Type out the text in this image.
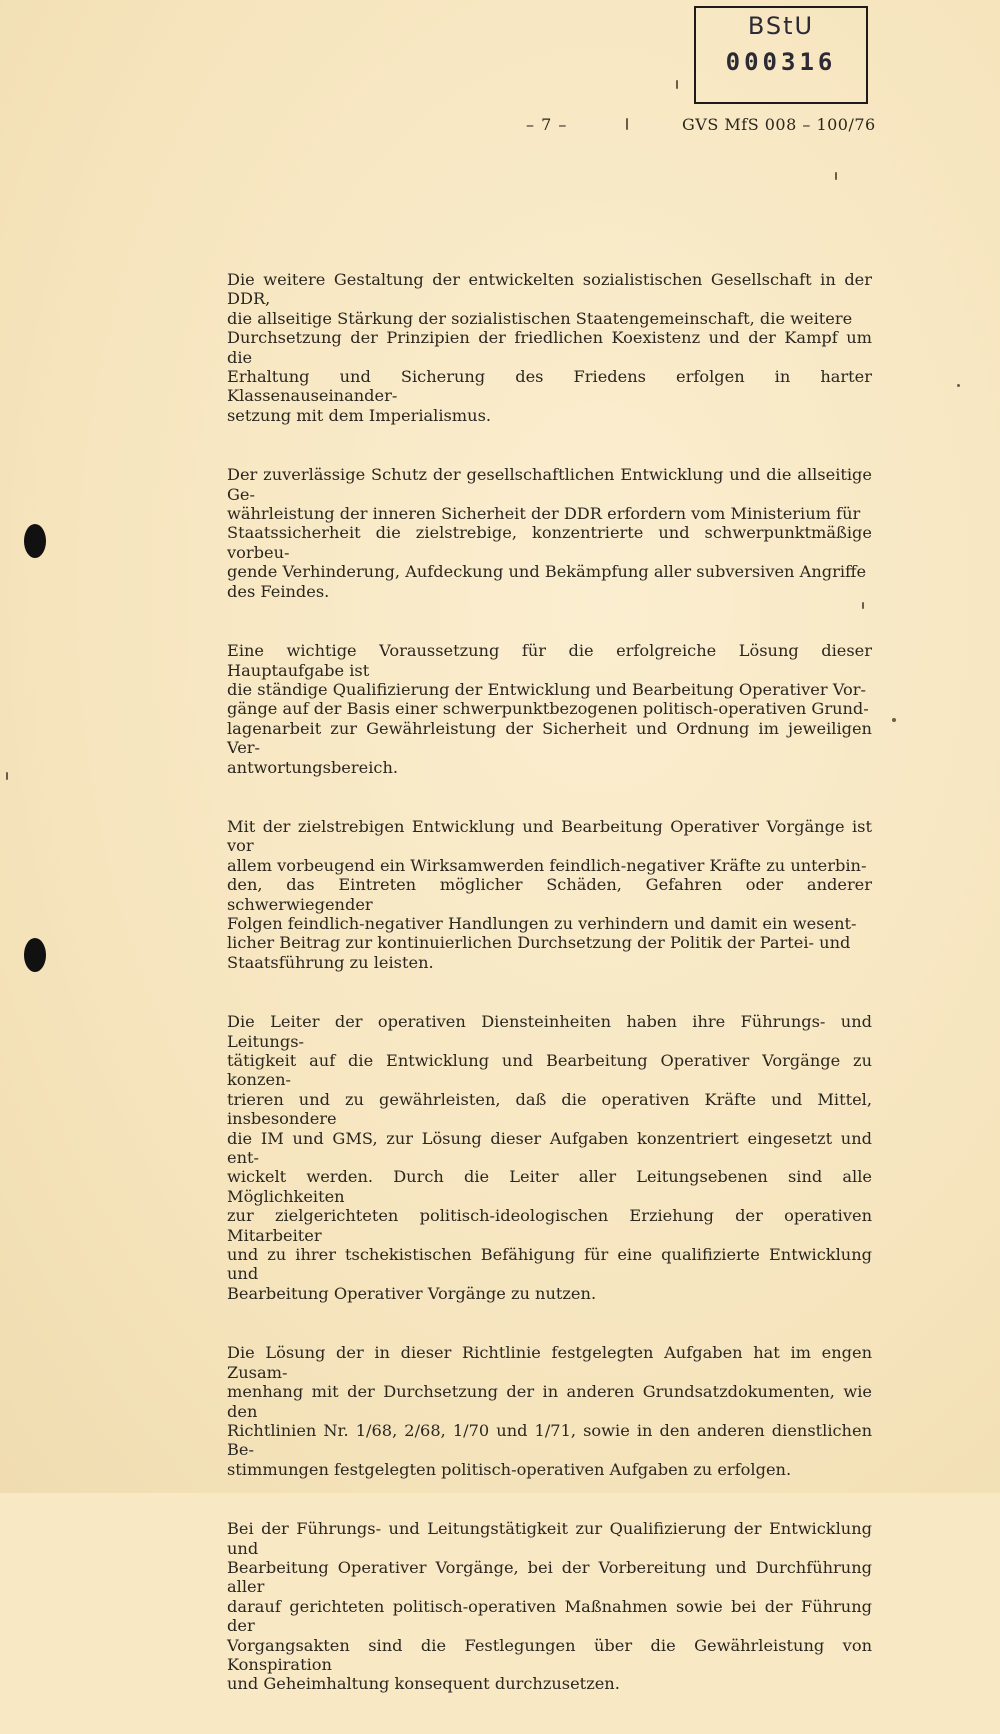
BStU
000316
– 7 –	GVS MfS 008 – 100/76

Die weitere Gestaltung der entwickelten sozialistischen Gesellschaft in der DDR,
die allseitige Stärkung der sozialistischen Staatengemeinschaft, die weitere
Durchsetzung der Prinzipien der friedlichen Koexistenz und der Kampf um die
Erhaltung und Sicherung des Friedens erfolgen in harter Klassenauseinander-
setzung mit dem Imperialismus.

Der zuverlässige Schutz der gesellschaftlichen Entwicklung und die allseitige Ge-
währleistung der inneren Sicherheit der DDR erfordern vom Ministerium für
Staatssicherheit die zielstrebige, konzentrierte und schwerpunktmäßige vorbeu-
gende Verhinderung, Aufdeckung und Bekämpfung aller subversiven Angriffe
des Feindes.

Eine wichtige Voraussetzung für die erfolgreiche Lösung dieser Hauptaufgabe ist
die ständige Qualifizierung der Entwicklung und Bearbeitung Operativer Vor-
gänge auf der Basis einer schwerpunktbezogenen politisch-operativen Grund-
lagenarbeit zur Gewährleistung der Sicherheit und Ordnung im jeweiligen Ver-
antwortungsbereich.

Mit der zielstrebigen Entwicklung und Bearbeitung Operativer Vorgänge ist vor
allem vorbeugend ein Wirksamwerden feindlich-negativer Kräfte zu unterbin-
den, das Eintreten möglicher Schäden, Gefahren oder anderer schwerwiegender
Folgen feindlich-negativer Handlungen zu verhindern und damit ein wesent-
licher Beitrag zur kontinuierlichen Durchsetzung der Politik der Partei- und
Staatsführung zu leisten.

Die Leiter der operativen Diensteinheiten haben ihre Führungs- und Leitungs-
tätigkeit auf die Entwicklung und Bearbeitung Operativer Vorgänge zu konzen-
trieren und zu gewährleisten, daß die operativen Kräfte und Mittel, insbesondere
die IM und GMS, zur Lösung dieser Aufgaben konzentriert eingesetzt und ent-
wickelt werden. Durch die Leiter aller Leitungsebenen sind alle Möglichkeiten
zur zielgerichteten politisch-ideologischen Erziehung der operativen Mitarbeiter
und zu ihrer tschekistischen Befähigung für eine qualifizierte Entwicklung und
Bearbeitung Operativer Vorgänge zu nutzen.

Die Lösung der in dieser Richtlinie festgelegten Aufgaben hat im engen Zusam-
menhang mit der Durchsetzung der in anderen Grundsatzdokumenten, wie den
Richtlinien Nr. 1/68, 2/68, 1/70 und 1/71, sowie in den anderen dienstlichen Be-
stimmungen festgelegten politisch-operativen Aufgaben zu erfolgen.

Bei der Führungs- und Leitungstätigkeit zur Qualifizierung der Entwicklung und
Bearbeitung Operativer Vorgänge, bei der Vorbereitung und Durchführung aller
darauf gerichteten politisch-operativen Maßnahmen sowie bei der Führung der
Vorgangsakten sind die Festlegungen über die Gewährleistung von Konspiration
und Geheimhaltung konsequent durchzusetzen.
